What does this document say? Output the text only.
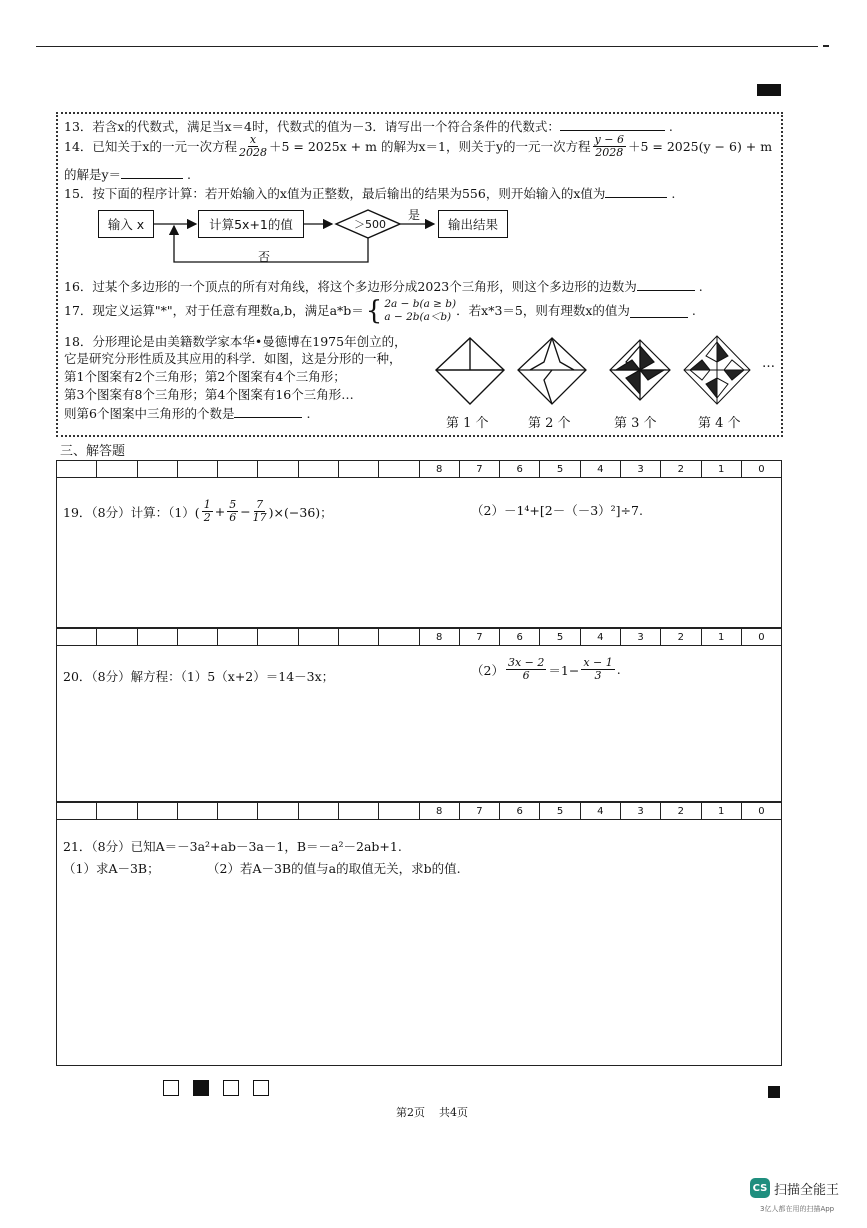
13．若含x的代数式，满足当x＝4时，代数式的值为－3．请写出一个符合条件的代数式：	.
14．已知关于x的一元一次方程 $\frac{x}{2028} +5 = 2025x + m$ 的解为x＝1，则关于y的一元一次方程 $\frac{y - 6}{2028} +5 = 2025(y - 6) + m$
的解是y＝	.
15．按下面的程序计算：若开始输入的x值为正整数，最后输出的结果为556，则开始输入的x值为	.
输入 x	计算5x+1的值	＞500
是
输出结果
否
16．过某个多边形的一个顶点的所有对角线，将这个多边形分成2023个三角形，则这个多边形的边数为	.
17．现定义运算"*"，对于任意有理数a,b，满足a*b＝ { 2a − b(a ≥ b)
a − 2b(a＜b) ．若x*3＝5，则有理数x的值为	.
18．分形理论是由美籍数学家本华•曼德博在1975年创立的，
它是研究分形性质及其应用的科学．如图，这是分形的一种，
第1个图案有2个三角形；第2个图案有4个三角形；
第3个图案有8个三角形；第4个图案有16个三角形…
则第6个图案中三角形的个数是	.
…
第 1 个	第 2 个	第 3 个	第 4 个
三、解答题
8	7	6	5	4	3	2	1	0
19．（8分）计算：$(1)( \frac{1}{2} + \frac{5}{6} - \frac{7}{17} )\times(-36)$；	（2）－1⁴+[2－（－3）²]÷7.
8	7	6	5	4	3	2	1	0
20．（8分）解方程：（1）5（x+2）＝14－3x；	$(2) \frac{3x - 2}{6} =1- \frac{x - 1}{3}$ .
8	7	6	5	4	3	2	1	0
21．（8分）已知A＝－3a²+ab－3a－1，B＝－a²－2ab+1.
（1）求A－3B；	（2）若A－3B的值与a的取值无关，求b的值.
第2页 共4页
CS 扫描全能王
3亿人都在用的扫描App
